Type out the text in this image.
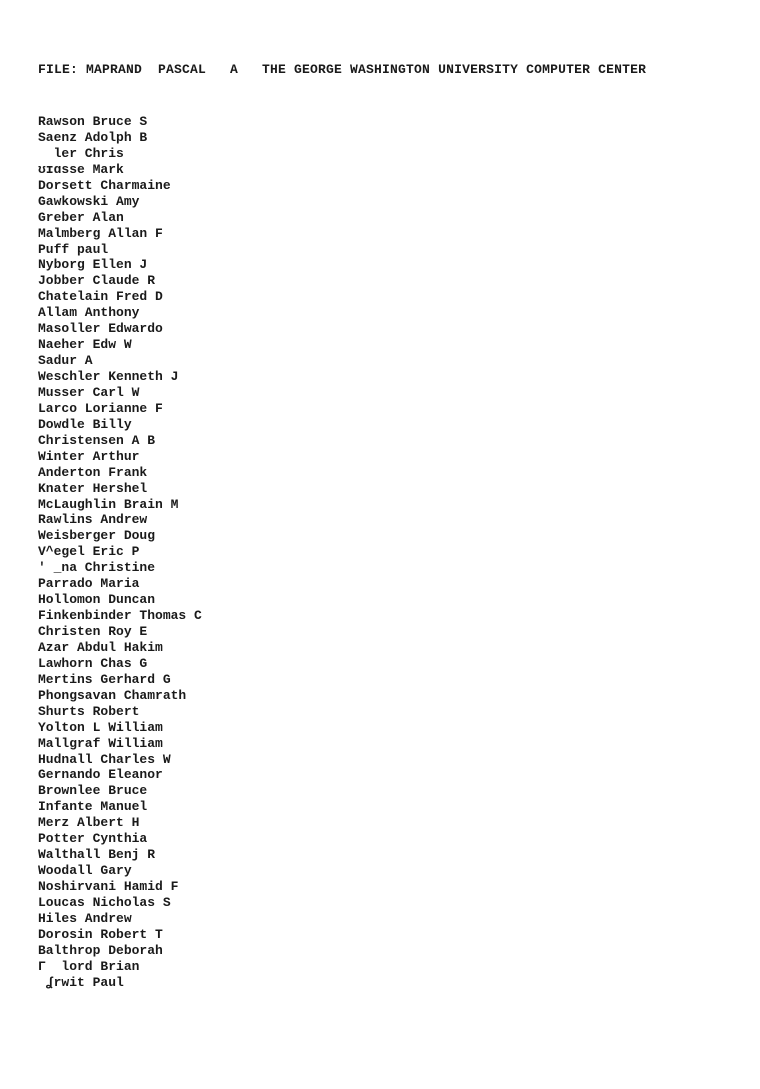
FILE: MAPRAND  PASCAL   A   THE GEORGE WASHINGTON UNIVERSITY COMPUTER CENTER
Rawson Bruce S
Saenz Adolph B
ler Chris
ʊɪɑsse Mark
Dorsett Charmaine
Gawkowski Amy
Greber Alan
Malmberg Allan F
Puff paul
Nyborg Ellen J
Jobber Claude R
Chatelain Fred D
Allam Anthony
Masoller Edwardo
Naeher Edw W
Sadur A
Weschler Kenneth J
Musser Carl W
Larco Lorianne F
Dowdle Billy
Christensen A B
Winter Arthur
Anderton Frank
Knater Hershel
McLaughlin Brain M
Rawlins Andrew
Weisberger Doug
V^egel Eric P
' _na Christine
Parrado Maria
Hollomon Duncan
Finkenbinder Thomas C
Christen Roy E
Azar Abdul Hakim
Lawhorn Chas G
Mertins Gerhard G
Phongsavan Chamrath
Shurts Robert
Yolton L William
Mallgraf William
Hudnall Charles W
Gernando Eleanor
Brownlee Bruce
Infante Manuel
Merz Albert H
Potter Cynthia
Walthall Benj R
Woodall Gary
Noshirvani Hamid F
Loucas Nicholas S
Hiles Andrew
Dorosin Robert T
Balthrop Deborah
Γ  lord Brian
ʆrwit Paul
